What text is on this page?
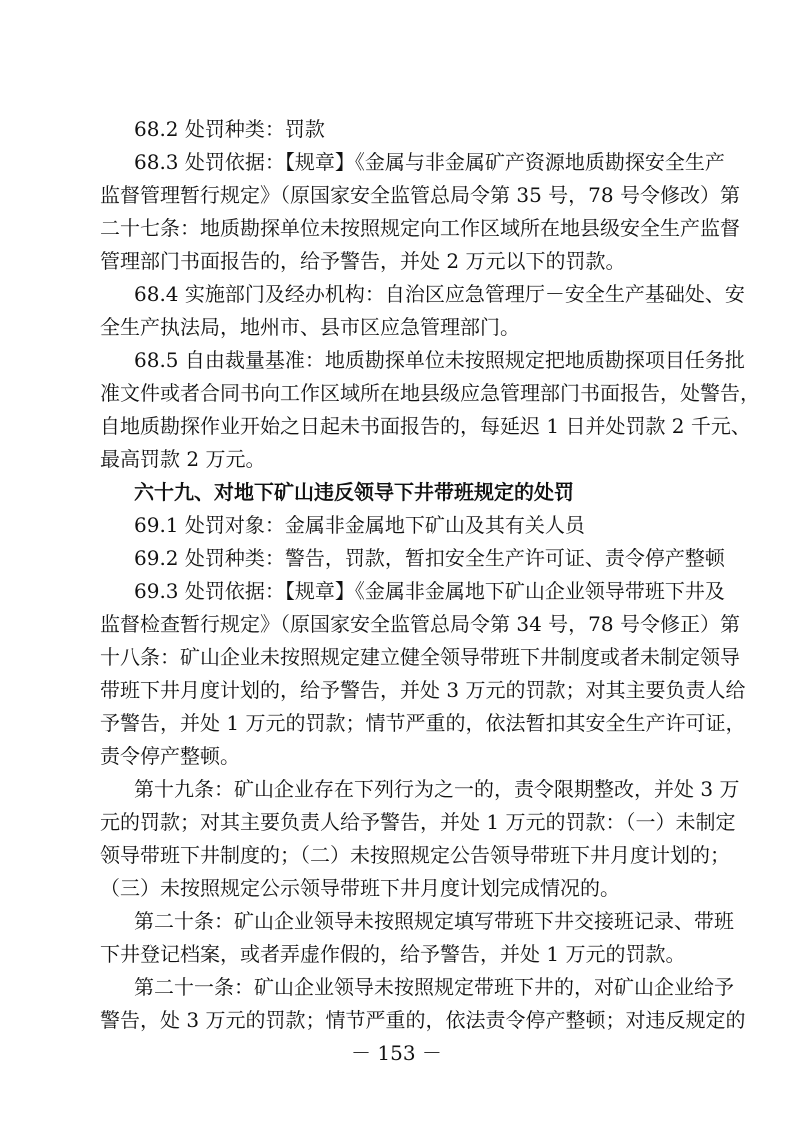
68.2 处罚种类：罚款
68.3 处罚依据：【规章】《金属与非金属矿产资源地质勘探安全生产
监督管理暂行规定》（原国家安全监管总局令第 35 号，78 号令修改）第
二十七条：地质勘探单位未按照规定向工作区域所在地县级安全生产监督
管理部门书面报告的，给予警告，并处 2 万元以下的罚款。
68.4 实施部门及经办机构：自治区应急管理厅－安全生产基础处、安
全生产执法局，地州市、县市区应急管理部门。
68.5 自由裁量基准：地质勘探单位未按照规定把地质勘探项目任务批
准文件或者合同书向工作区域所在地县级应急管理部门书面报告，处警告，
自地质勘探作业开始之日起未书面报告的，每延迟 1 日并处罚款 2 千元、
最高罚款 2 万元。
六十九、对地下矿山违反领导下井带班规定的处罚
69.1 处罚对象：金属非金属地下矿山及其有关人员
69.2 处罚种类：警告，罚款，暂扣安全生产许可证、责令停产整顿
69.3 处罚依据：【规章】《金属非金属地下矿山企业领导带班下井及
监督检查暂行规定》（原国家安全监管总局令第 34 号，78 号令修正）第
十八条：矿山企业未按照规定建立健全领导带班下井制度或者未制定领导
带班下井月度计划的，给予警告，并处 3 万元的罚款；对其主要负责人给
予警告，并处 1 万元的罚款；情节严重的，依法暂扣其安全生产许可证，
责令停产整顿。
第十九条：矿山企业存在下列行为之一的，责令限期整改，并处 3 万
元的罚款；对其主要负责人给予警告，并处 1 万元的罚款：（一）未制定
领导带班下井制度的；（二）未按照规定公告领导带班下井月度计划的；
（三）未按照规定公示领导带班下井月度计划完成情况的。
第二十条：矿山企业领导未按照规定填写带班下井交接班记录、带班
下井登记档案，或者弄虚作假的，给予警告，并处 1 万元的罚款。
第二十一条：矿山企业领导未按照规定带班下井的，对矿山企业给予
警告，处 3 万元的罚款；情节严重的，依法责令停产整顿；对违反规定的
－ 153 －
